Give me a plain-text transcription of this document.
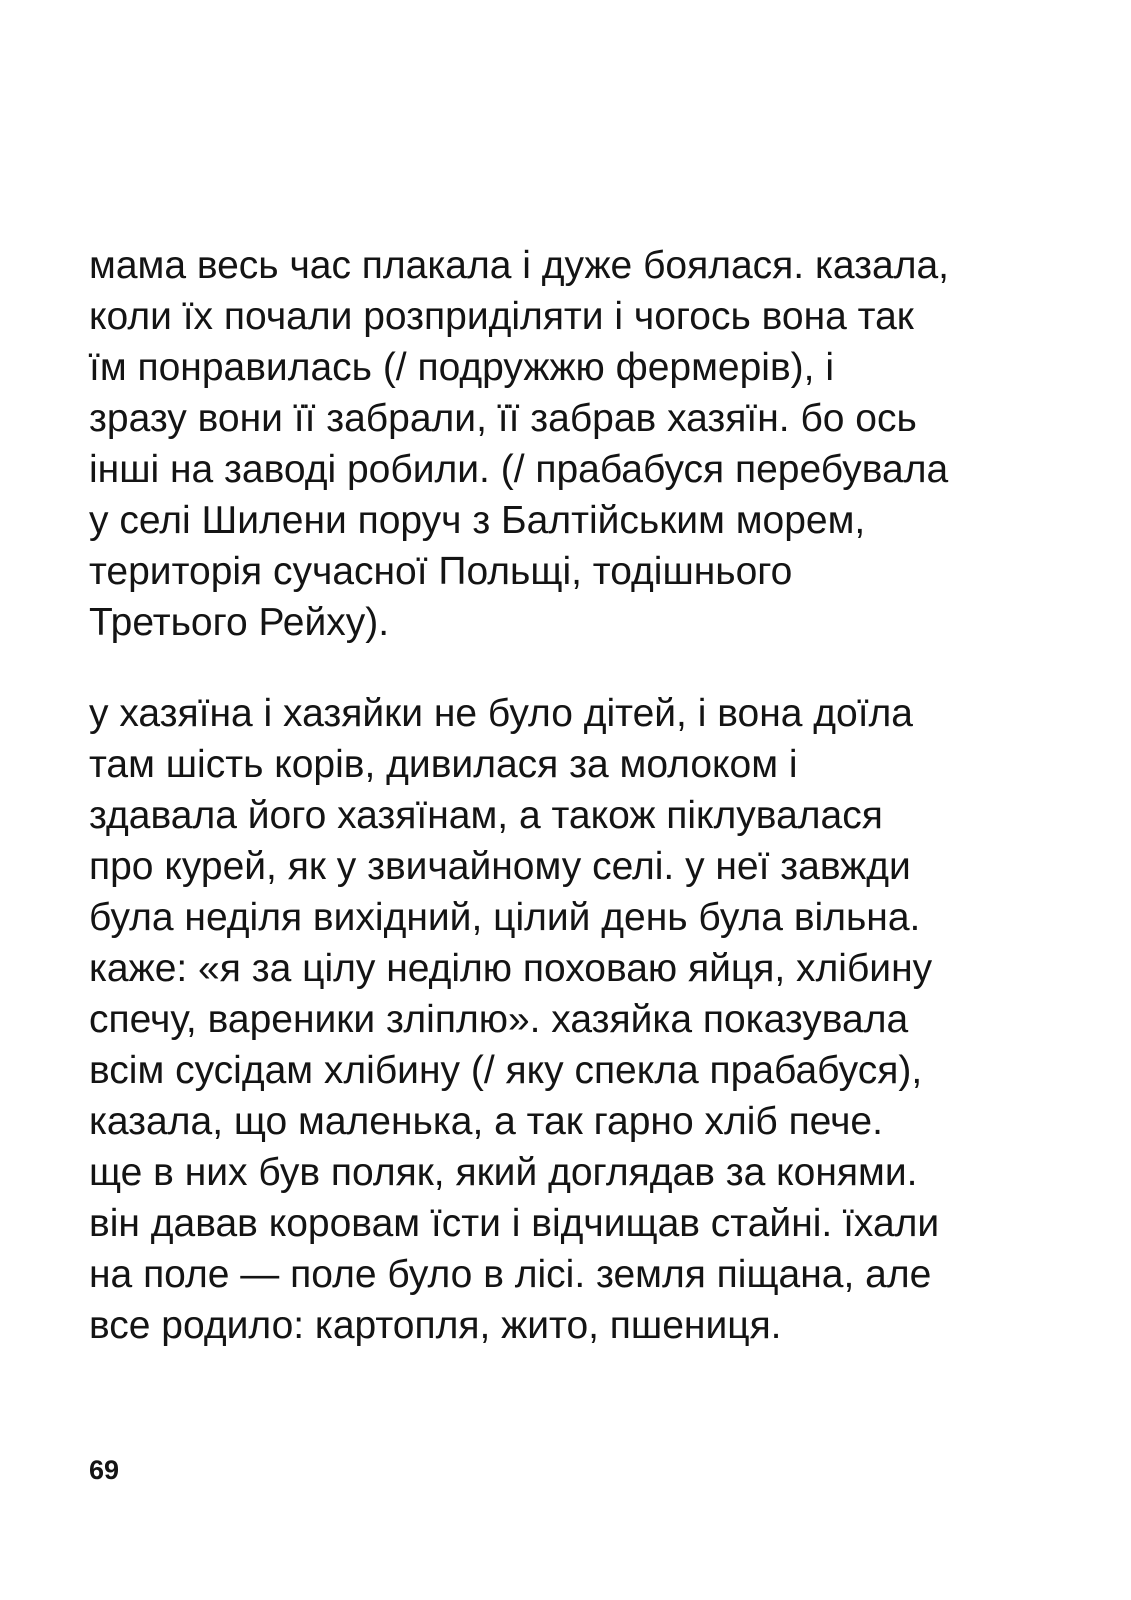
мама весь час плакала і дуже боялася. казала,
коли їх почали розприділяти і чогось вона так
їм понравилась (/ подружжю фермерів), і
зразу вони її забрали, її забрав хазяїн. бо ось
інші на заводі робили. (/ прабабуся перебувала
у селі Шилени поруч з Балтійським морем,
територія сучасної Польщі, тодішнього
Третього Рейху).

у хазяїна і хазяйки не було дітей, і вона доїла
там шість корів, дивилася за молоком і
здавала його хазяїнам, а також піклувалася
про курей, як у звичайному селі. у неї завжди
була неділя вихідний, цілий день була вільна.
каже: «я за цілу неділю поховаю яйця, хлібину
спечу, вареники зліплю». хазяйка показувала
всім сусідам хлібину (/ яку спекла прабабуся),
казала, що маленька, а так гарно хліб пече.
ще в них був поляк, який доглядав за конями.
він давав коровам їсти і відчищав стайні. їхали
на поле — поле було в лісі. земля піщана, але
все родило: картопля, жито, пшениця.

69
